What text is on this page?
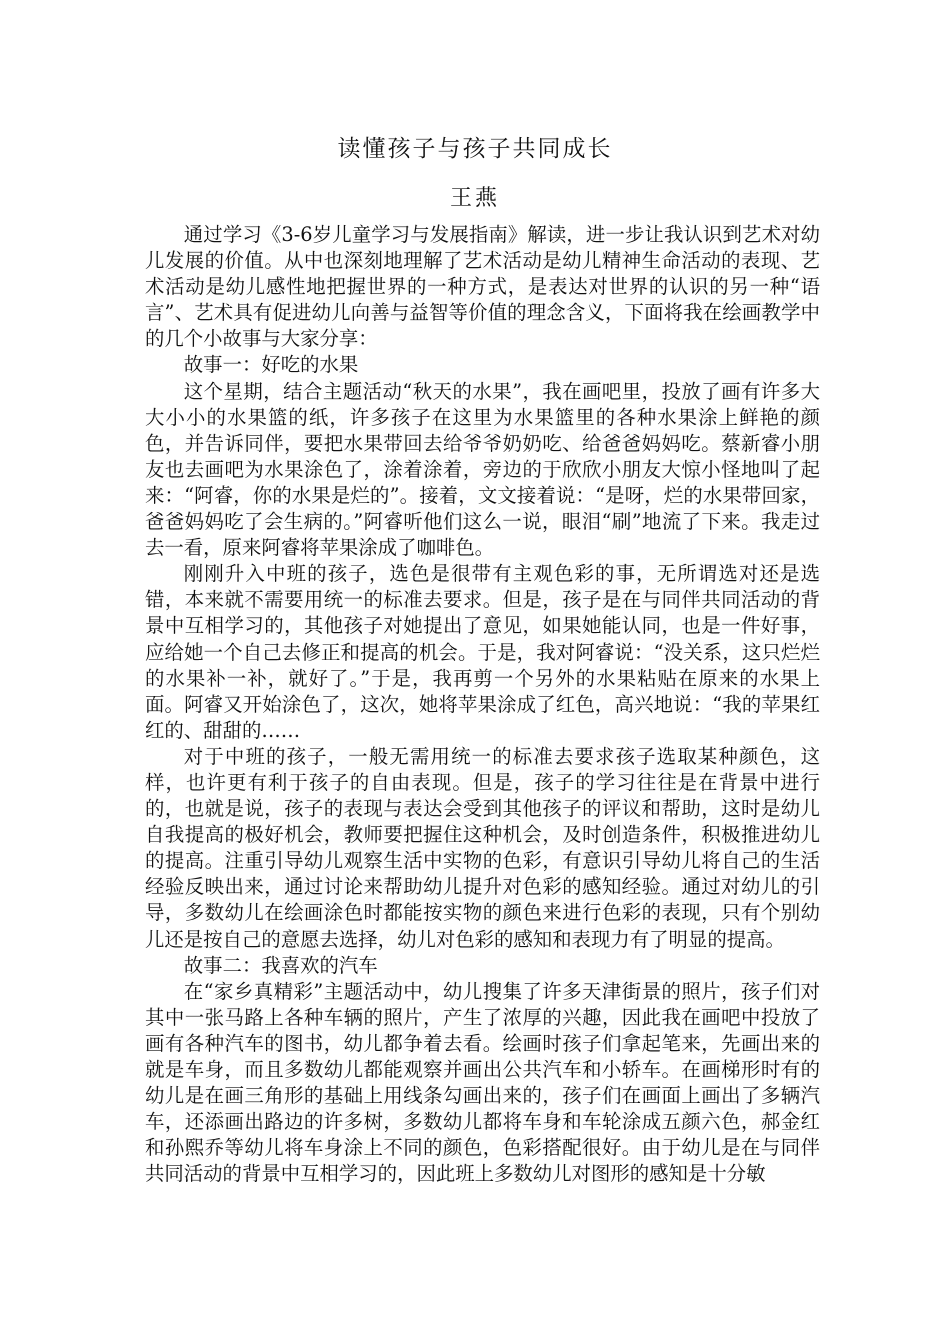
读懂孩子与孩子共同成长
王燕

通过学习《3-6岁儿童学习与发展指南》解读，进一步让我认识到艺术对幼儿发展的价值。从中也深刻地理解了艺术活动是幼儿精神生命活动的表现、艺术活动是幼儿感性地把握世界的一种方式，是表达对世界的认识的另一种“语言”、艺术具有促进幼儿向善与益智等价值的理念含义，下面将我在绘画教学中的几个小故事与大家分享：

故事一：好吃的水果

这个星期，结合主题活动“秋天的水果”，我在画吧里，投放了画有许多大大小小的水果篮的纸，许多孩子在这里为水果篮里的各种水果涂上鲜艳的颜色，并告诉同伴，要把水果带回去给爷爷奶奶吃、给爸爸妈妈吃。蔡新睿小朋友也去画吧为水果涂色了，涂着涂着，旁边的于欣欣小朋友大惊小怪地叫了起来：“阿睿，你的水果是烂的”。接着，文文接着说：“是呀，烂的水果带回家，爸爸妈妈吃了会生病的。”阿睿听他们这么一说，眼泪“刷”地流了下来。我走过去一看，原来阿睿将苹果涂成了咖啡色。

刚刚升入中班的孩子，选色是很带有主观色彩的事，无所谓选对还是选错，本来就不需要用统一的标准去要求。但是，孩子是在与同伴共同活动的背景中互相学习的，其他孩子对她提出了意见，如果她能认同，也是一件好事，应给她一个自己去修正和提高的机会。于是，我对阿睿说：“没关系，这只烂烂的水果补一补，就好了。”于是，我再剪一个另外的水果粘贴在原来的水果上面。阿睿又开始涂色了，这次，她将苹果涂成了红色，高兴地说：“我的苹果红红的、甜甜的……

对于中班的孩子，一般无需用统一的标准去要求孩子选取某种颜色，这样，也许更有利于孩子的自由表现。但是，孩子的学习往往是在背景中进行的，也就是说，孩子的表现与表达会受到其他孩子的评议和帮助，这时是幼儿自我提高的极好机会，教师要把握住这种机会，及时创造条件，积极推进幼儿的提高。注重引导幼儿观察生活中实物的色彩，有意识引导幼儿将自己的生活经验反映出来，通过讨论来帮助幼儿提升对色彩的感知经验。通过对幼儿的引导，多数幼儿在绘画涂色时都能按实物的颜色来进行色彩的表现，只有个别幼儿还是按自己的意愿去选择，幼儿对色彩的感知和表现力有了明显的提高。

故事二：我喜欢的汽车

在“家乡真精彩”主题活动中，幼儿搜集了许多天津街景的照片，孩子们对其中一张马路上各种车辆的照片，产生了浓厚的兴趣，因此我在画吧中投放了画有各种汽车的图书，幼儿都争着去看。绘画时孩子们拿起笔来，先画出来的就是车身，而且多数幼儿都能观察并画出公共汽车和小轿车。在画梯形时有的幼儿是在画三角形的基础上用线条勾画出来的，孩子们在画面上画出了多辆汽车，还添画出路边的许多树，多数幼儿都将车身和车轮涂成五颜六色，郝金红和孙熙乔等幼儿将车身涂上不同的颜色，色彩搭配很好。由于幼儿是在与同伴共同活动的背景中互相学习的，因此班上多数幼儿对图形的感知是十分敏
